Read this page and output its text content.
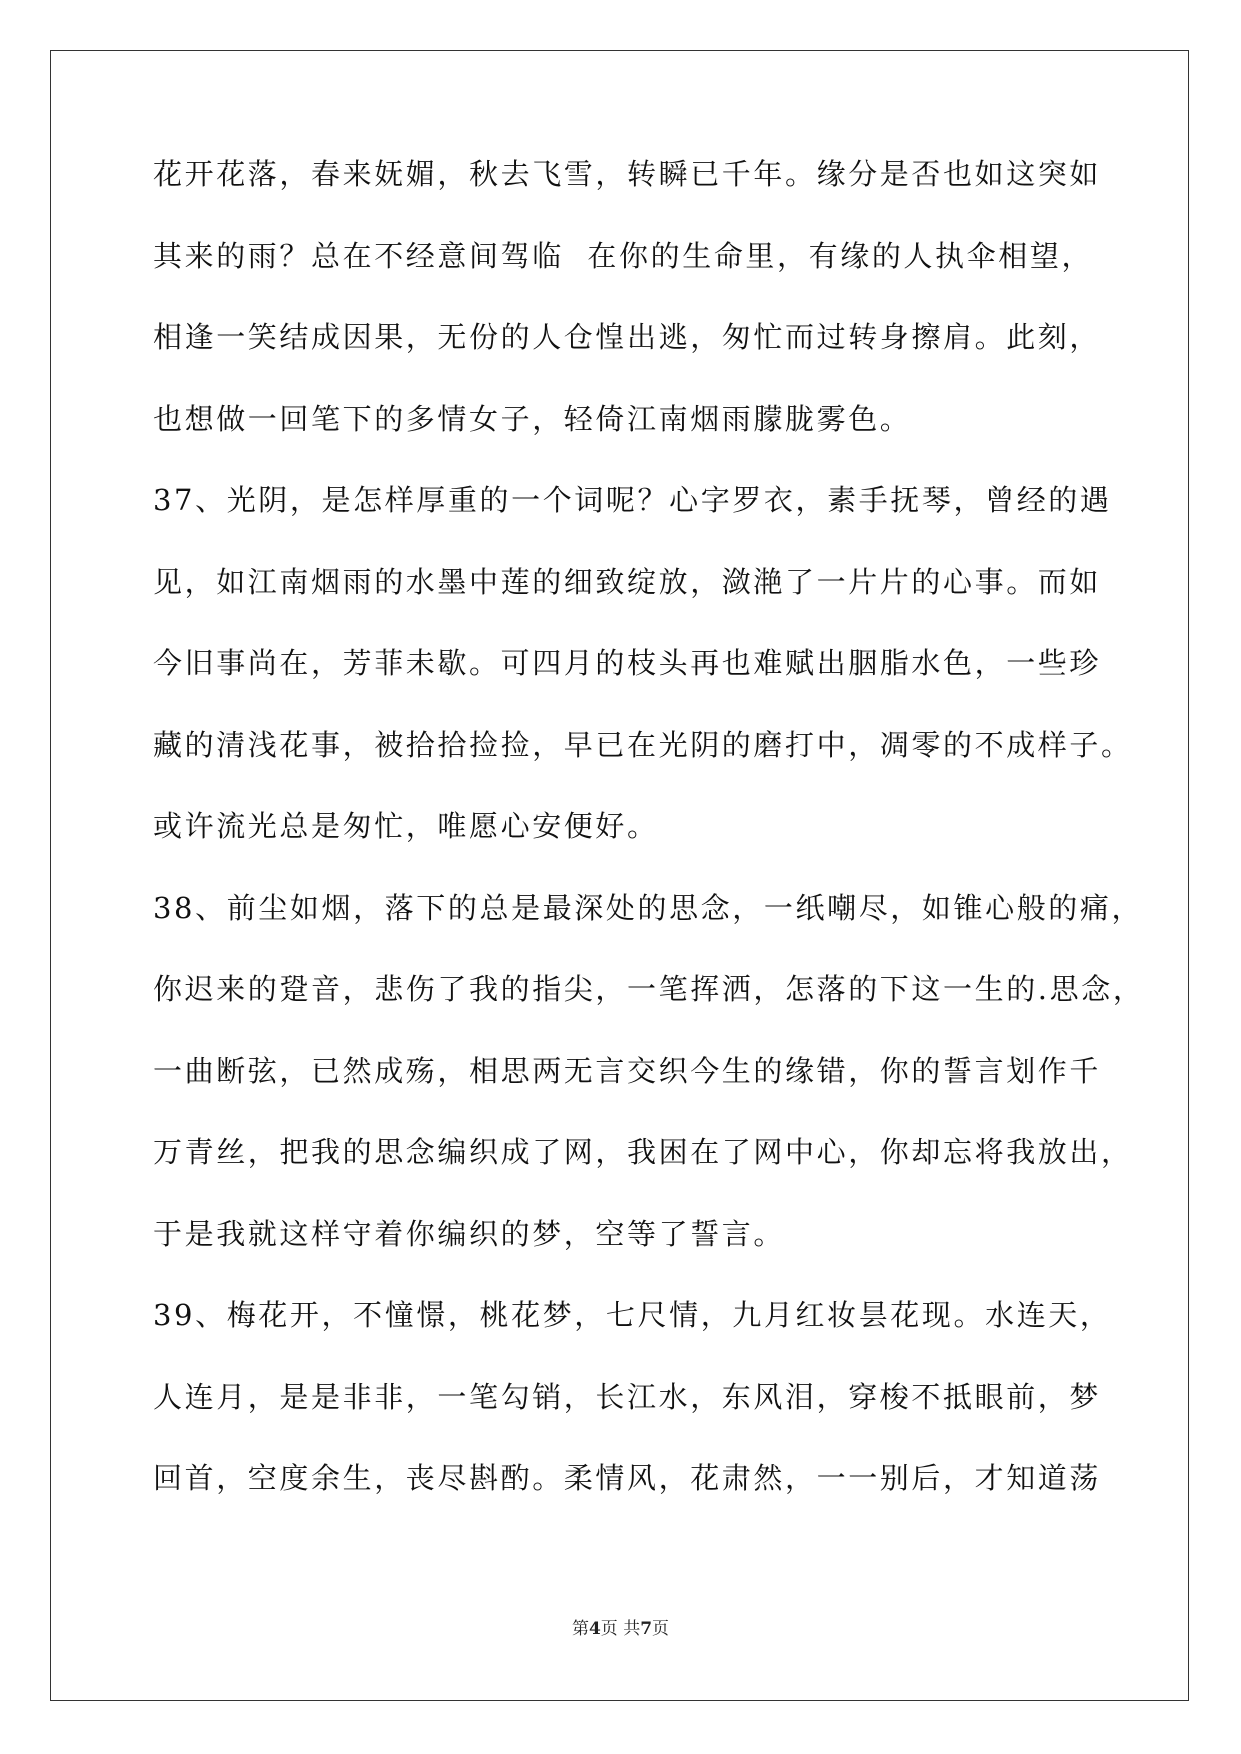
花开花落，春来妩媚，秋去飞雪，转瞬已千年。缘分是否也如这突如
其来的雨？总在不经意间驾临  在你的生命里，有缘的人执伞相望，
相逢一笑结成因果，无份的人仓惶出逃，匆忙而过转身擦肩。此刻，
也想做一回笔下的多情女子，轻倚江南烟雨朦胧雾色。
37、光阴，是怎样厚重的一个词呢？心字罗衣，素手抚琴，曾经的遇
见，如江南烟雨的水墨中莲的细致绽放，潋滟了一片片的心事。而如
今旧事尚在，芳菲未歇。可四月的枝头再也难赋出胭脂水色，一些珍
藏的清浅花事，被拾拾捡捡，早已在光阴的磨打中，凋零的不成样子。
或许流光总是匆忙，唯愿心安便好。
38、前尘如烟，落下的总是最深处的思念，一纸嘲尽，如锥心般的痛，
你迟来的跫音，悲伤了我的指尖，一笔挥洒，怎落的下这一生的.思念，
一曲断弦，已然成殇，相思两无言交织今生的缘错，你的誓言划作千
万青丝，把我的思念编织成了网，我困在了网中心，你却忘将我放出，
于是我就这样守着你编织的梦，空等了誓言。
39、梅花开，不憧憬，桃花梦，七尺情，九月红妆昙花现。水连天，
人连月，是是非非，一笔勾销，长江水，东风泪，穿梭不抵眼前，梦
回首，空度余生，丧尽斟酌。柔情风，花肃然，一一别后，才知道荡
第4页 共7页
